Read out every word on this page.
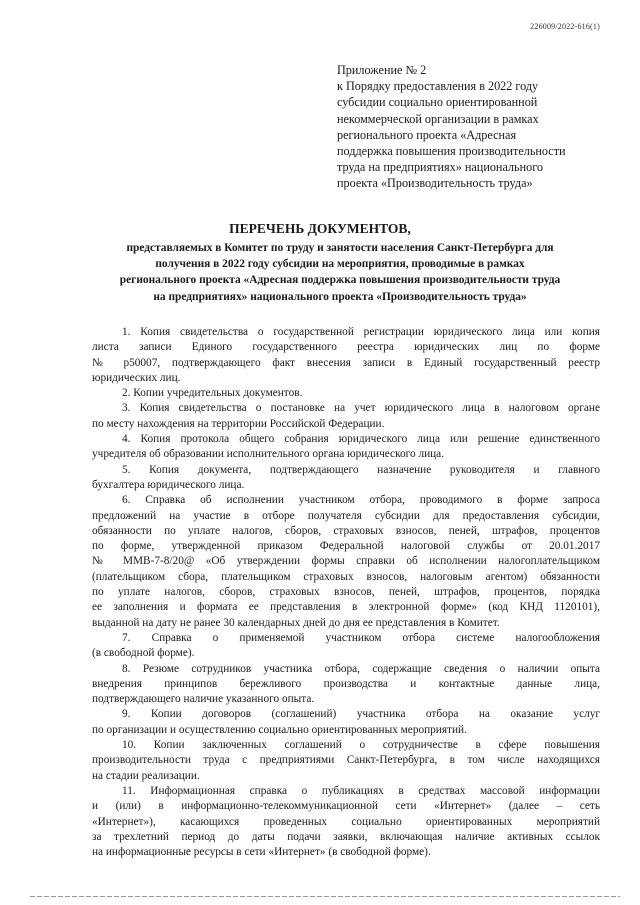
226009/2022-616(1)
Приложение № 2
к Порядку предоставления в 2022 году
субсидии социально ориентированной
некоммерческой организации в рамках
регионального проекта «Адресная
поддержка повышения производительности
труда на предприятиях» национального
проекта «Производительность труда»
ПЕРЕЧЕНЬ ДОКУМЕНТОВ,
представляемых в Комитет по труду и занятости населения Санкт-Петербурга для
получения в 2022 году субсидии на мероприятия, проводимые в рамках
регионального проекта «Адресная поддержка повышения производительности труда
на предприятиях» национального проекта «Производительность труда»
1. Копия свидетельства о государственной регистрации юридического лица или копия
листа записи Единого государственного реестра юридических лиц по форме
№ р50007, подтверждающего факт внесения записи в Единый государственный реестр
юридических лиц.
2. Копии учредительных документов.
3. Копия свидетельства о постановке на учет юридического лица в налоговом органе
по месту нахождения на территории Российской Федерации.
4. Копия протокола общего собрания юридического лица или решение единственного
учредителя об образовании исполнительного органа юридического лица.
5. Копия документа, подтверждающего назначение руководителя и главного
бухгалтера юридического лица.
6. Справка об исполнении участником отбора, проводимого в форме запроса
предложений на участие в отборе получателя субсидии для предоставления субсидии,
обязанности по уплате налогов, сборов, страховых взносов, пеней, штрафов, процентов
по форме, утвержденной приказом Федеральной налоговой службы от 20.01.2017
№ ММВ-7-8/20@ «Об утверждении формы справки об исполнении налогоплательщиком
(плательщиком сбора, плательщиком страховых взносов, налоговым агентом) обязанности
по уплате налогов, сборов, страховых взносов, пеней, штрафов, процентов, порядка
ее заполнения и формата ее представления в электронной форме» (код КНД 1120101),
выданной на дату не ранее 30 календарных дней до дня ее представления в Комитет.
7. Справка о применяемой участником отбора системе налогообложения
(в свободной форме).
8. Резюме сотрудников участника отбора, содержащие сведения о наличии опыта
внедрения принципов бережливого производства и контактные данные лица,
подтверждающего наличие указанного опыта.
9. Копии договоров (соглашений) участника отбора на оказание услуг
по организации и осуществлению социально ориентированных мероприятий.
10. Копии заключенных соглашений о сотрудничестве в сфере повышения
производительности труда с предприятиями Санкт-Петербурга, в том числе находящихся
на стадии реализации.
11. Информационная справка о публикациях в средствах массовой информации
и (или) в информационно-телекоммуникационной сети «Интернет» (далее – сеть
«Интернет»), касающихся проведенных социально ориентированных мероприятий
за трехлетний период до даты подачи заявки, включающая наличие активных ссылок
на информационные ресурсы в сети «Интернет» (в свободной форме).
